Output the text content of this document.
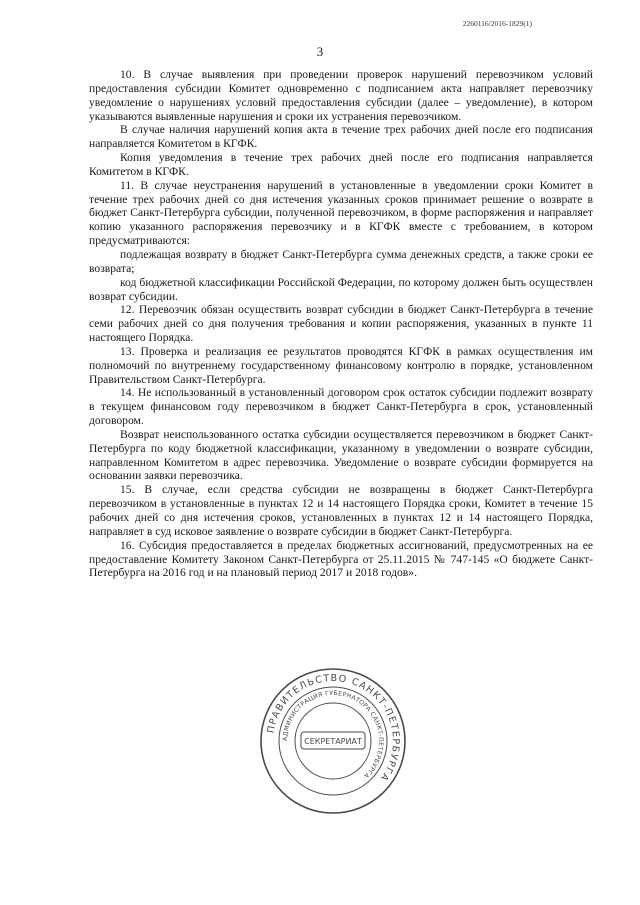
2260116/2016-1829(1)
3

10. В случае выявления при проведении проверок нарушений перевозчиком условий предоставления субсидии Комитет одновременно с подписанием акта направляет перевозчику уведомление о нарушениях условий предоставления субсидии (далее – уведомление), в котором указываются выявленные нарушения и сроки их устранения перевозчиком.

В случае наличия нарушений копия акта в течение трех рабочих дней после его подписания направляется Комитетом в КГФК.

Копия уведомления в течение трех рабочих дней после его подписания направляется Комитетом в КГФК.

11. В случае неустранения нарушений в установленные в уведомлении сроки Комитет в течение трех рабочих дней со дня истечения указанных сроков принимает решение о возврате в бюджет Санкт-Петербурга субсидии, полученной перевозчиком, в форме распоряжения и направляет копию указанного распоряжения перевозчику и в КГФК вместе с требованием, в котором предусматриваются:

подлежащая возврату в бюджет Санкт-Петербурга сумма денежных средств, а также сроки ее возврата;

код бюджетной классификации Российской Федерации, по которому должен быть осуществлен возврат субсидии.

12. Перевозчик обязан осуществить возврат субсидии в бюджет Санкт-Петербурга в течение семи рабочих дней со дня получения требования и копии распоряжения, указанных в пункте 11 настоящего Порядка.

13. Проверка и реализация ее результатов проводятся КГФК в рамках осуществления им полномочий по внутреннему государственному финансовому контролю в порядке, установленном Правительством Санкт-Петербурга.

14. Не использованный в установленный договором срок остаток субсидии подлежит возврату в текущем финансовом году перевозчиком в бюджет Санкт-Петербурга в срок, установленный договором.

Возврат неиспользованного остатка субсидии осуществляется перевозчиком в бюджет Санкт-Петербурга по коду бюджетной классификации, указанному в уведомлении о возврате субсидии, направленном Комитетом в адрес перевозчика. Уведомление о возврате субсидии формируется на основании заявки перевозчика.

15. В случае, если средства субсидии не возвращены в бюджет Санкт-Петербурга перевозчиком в установленные в пунктах 12 и 14 настоящего Порядка сроки, Комитет в течение 15 рабочих дней со дня истечения сроков, установленных в пунктах 12 и 14 настоящего Порядка, направляет в суд исковое заявление о возврате субсидии в бюджет Санкт-Петербурга.

16. Субсидия предоставляется в пределах бюджетных ассигнований, предусмотренных на ее предоставление Комитету Законом Санкт-Петербурга от 25.11.2015 № 747-145 «О бюджете Санкт-Петербурга на 2016 год и на плановый период 2017 и 2018 годов».

ПРАВИТЕЛЬСТВО САНКТ-ПЕТЕРБУРГА
АДМИНИСТРАЦИЯ ГУБЕРНАТОРА САНКТ-ПЕТЕРБУРГА
СЕКРЕТАРИАТ
